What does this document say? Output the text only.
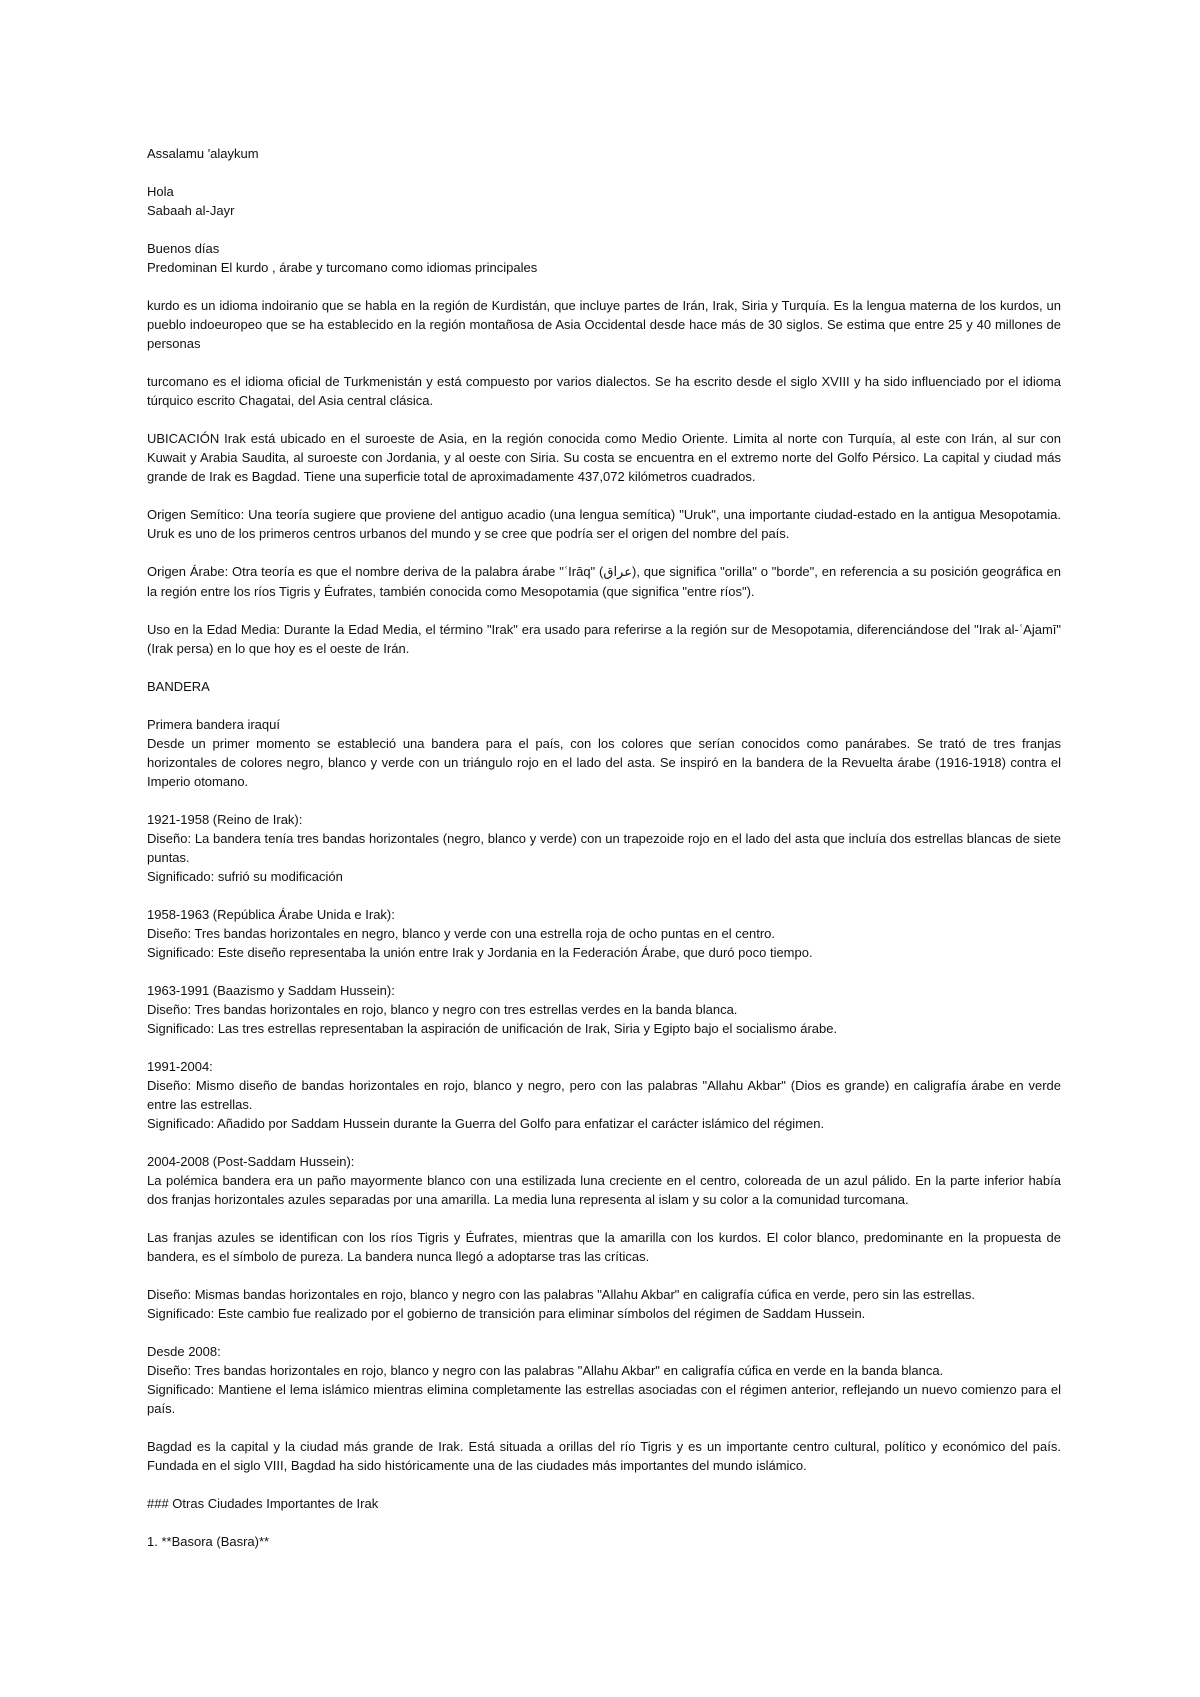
Assalamu 'alaykum
Hola
Sabaah al-Jayr
Buenos días
Predominan El kurdo , árabe y turcomano como idiomas principales

kurdo es un idioma indoiranio que se habla en la región de Kurdistán, que incluye partes de Irán, Irak, Siria y Turquía. Es la lengua materna de los kurdos, un pueblo indoeuropeo que se ha establecido en la región montañosa de Asia Occidental desde hace más de 30 siglos. Se estima que entre 25 y 40 millones de personas

turcomano es el idioma oficial de Turkmenistán y está compuesto por varios dialectos. Se ha escrito desde el siglo XVIII y ha sido influenciado por el idioma túrquico escrito Chagatai, del Asia central clásica.

UBICACIÓN Irak está ubicado en el suroeste de Asia, en la región conocida como Medio Oriente. Limita al norte con Turquía, al este con Irán, al sur con Kuwait y Arabia Saudita, al suroeste con Jordania, y al oeste con Siria. Su costa se encuentra en el extremo norte del Golfo Pérsico. La capital y ciudad más grande de Irak es Bagdad. Tiene una superficie total de aproximadamente 437,072 kilómetros cuadrados.

Origen Semítico: Una teoría sugiere que proviene del antiguo acadio (una lengua semítica) "Uruk", una importante ciudad-estado en la antigua Mesopotamia. Uruk es uno de los primeros centros urbanos del mundo y se cree que podría ser el origen del nombre del país.

Origen Árabe: Otra teoría es que el nombre deriva de la palabra árabe "ʿIrāq" (عراق), que significa "orilla" o "borde", en referencia a su posición geográfica en la región entre los ríos Tigris y Éufrates, también conocida como Mesopotamia (que significa "entre ríos").

Uso en la Edad Media: Durante la Edad Media, el término "Irak" era usado para referirse a la región sur de Mesopotamia, diferenciándose del "Irak al-ʿAjamī" (Irak persa) en lo que hoy es el oeste de Irán.

BANDERA

Primera bandera iraquí
Desde un primer momento se estableció una bandera para el país, con los colores que serían conocidos como panárabes. Se trató de tres franjas horizontales de colores negro, blanco y verde con un triángulo rojo en el lado del asta. Se inspiró en la bandera de la Revuelta árabe (1916-1918) contra el Imperio otomano.
1921-1958 (Reino de Irak):
Diseño: La bandera tenía tres bandas horizontales (negro, blanco y verde) con un trapezoide rojo en el lado del asta que incluía dos estrellas blancas de siete puntas.
Significado: sufrió su modificación
1958-1963 (República Árabe Unida e Irak):
Diseño: Tres bandas horizontales en negro, blanco y verde con una estrella roja de ocho puntas en el centro.
Significado: Este diseño representaba la unión entre Irak y Jordania en la Federación Árabe, que duró poco tiempo.
1963-1991 (Baazismo y Saddam Hussein):
Diseño: Tres bandas horizontales en rojo, blanco y negro con tres estrellas verdes en la banda blanca.
Significado: Las tres estrellas representaban la aspiración de unificación de Irak, Siria y Egipto bajo el socialismo árabe.
1991-2004:
Diseño: Mismo diseño de bandas horizontales en rojo, blanco y negro, pero con las palabras "Allahu Akbar" (Dios es grande) en caligrafía árabe en verde entre las estrellas.
Significado: Añadido por Saddam Hussein durante la Guerra del Golfo para enfatizar el carácter islámico del régimen.
2004-2008 (Post-Saddam Hussein):
La polémica bandera era un paño mayormente blanco con una estilizada luna creciente en el centro, coloreada de un azul pálido. En la parte inferior había dos franjas horizontales azules separadas por una amarilla. La media luna representa al islam y su color a la comunidad turcomana.

Las franjas azules se identifican con los ríos Tigris y Éufrates, mientras que la amarilla con los kurdos. El color blanco, predominante en la propuesta de bandera, es el símbolo de pureza. La bandera nunca llegó a adoptarse tras las críticas.

Diseño: Mismas bandas horizontales en rojo, blanco y negro con las palabras "Allahu Akbar" en caligrafía cúfica en verde, pero sin las estrellas.
Significado: Este cambio fue realizado por el gobierno de transición para eliminar símbolos del régimen de Saddam Hussein.
Desde 2008:
Diseño: Tres bandas horizontales en rojo, blanco y negro con las palabras "Allahu Akbar" en caligrafía cúfica en verde en la banda blanca.
Significado: Mantiene el lema islámico mientras elimina completamente las estrellas asociadas con el régimen anterior, reflejando un nuevo comienzo para el país.

Bagdad es la capital y la ciudad más grande de Irak. Está situada a orillas del río Tigris y es un importante centro cultural, político y económico del país. Fundada en el siglo VIII, Bagdad ha sido históricamente una de las ciudades más importantes del mundo islámico.

### Otras Ciudades Importantes de Irak

1. **Basora (Basra)**
